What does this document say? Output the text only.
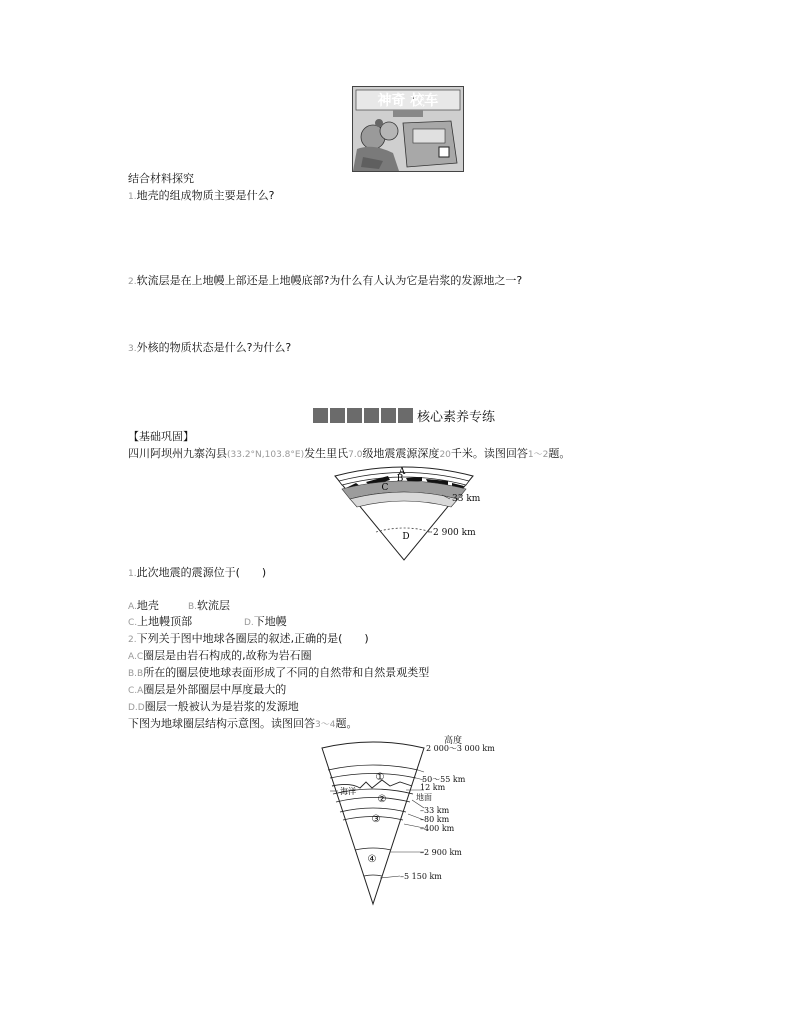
神奇 校车
结合材料探究
1.地壳的组成物质主要是什么?
2.软流层是在上地幔上部还是上地幔底部?为什么有人认为它是岩浆的发源地之一?
3.外核的物质状态是什么?为什么?
核心素养专练
【基础巩固】
四川阿坝州九寨沟县(33.2°N,103.8°E)发生里氏7.0级地震震源深度20千米。读图回答1～2题。
A
B
C
D
33 km
2 900 km
1.此次地震的震源位于(　　)
A.地壳	B.软流层
C.上地幔顶部	D.下地幔
2.下列关于图中地球各圈层的叙述,正确的是(　　)
A.C圈层是由岩石构成的,故称为岩石圈
B.B所在的圈层使地球表面形成了不同的自然带和自然景观类型
C.A圈层是外部圈层中厚度最大的
D.D圈层一般被认为是岩浆的发源地
下图为地球圈层结构示意图。读图回答3～4题。
①
②
③
④
海洋
高度
2 000～3 000 km
50～55 km
12 km
地面
–33 km
–80 km
–400 km
–2 900 km
–5 150 km
